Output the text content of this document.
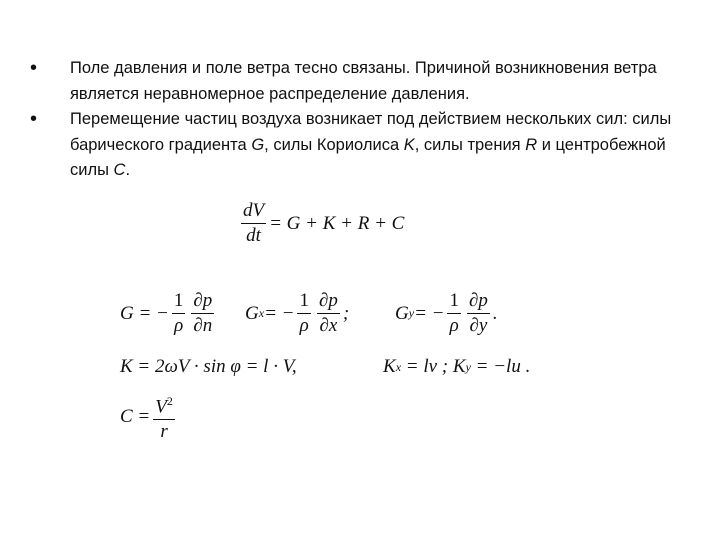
• Поле давления и поле ветра тесно связаны. Причиной возникновения ветра является неравномерное распределение давления.
• Перемещение частиц воздуха возникает под действием нескольких сил: силы барического градиента G, силы Кориолиса K, силы трения R и центробежной силы C.
$\frac{dV}{dt} = G + K + R + C$
G = − $\frac{1}{\rho} \frac{\partial p}{\partial n}$ G x = − $\frac{1}{\rho} \frac{\partial p}{\partial x}$ ; G y = − $\frac{1}{\rho} \frac{\partial p}{\partial y}$ .
K = 2ωV · sin φ = l · V,	K x = lv ; K y = −lu .
$C = \frac{V^2}{r}$
